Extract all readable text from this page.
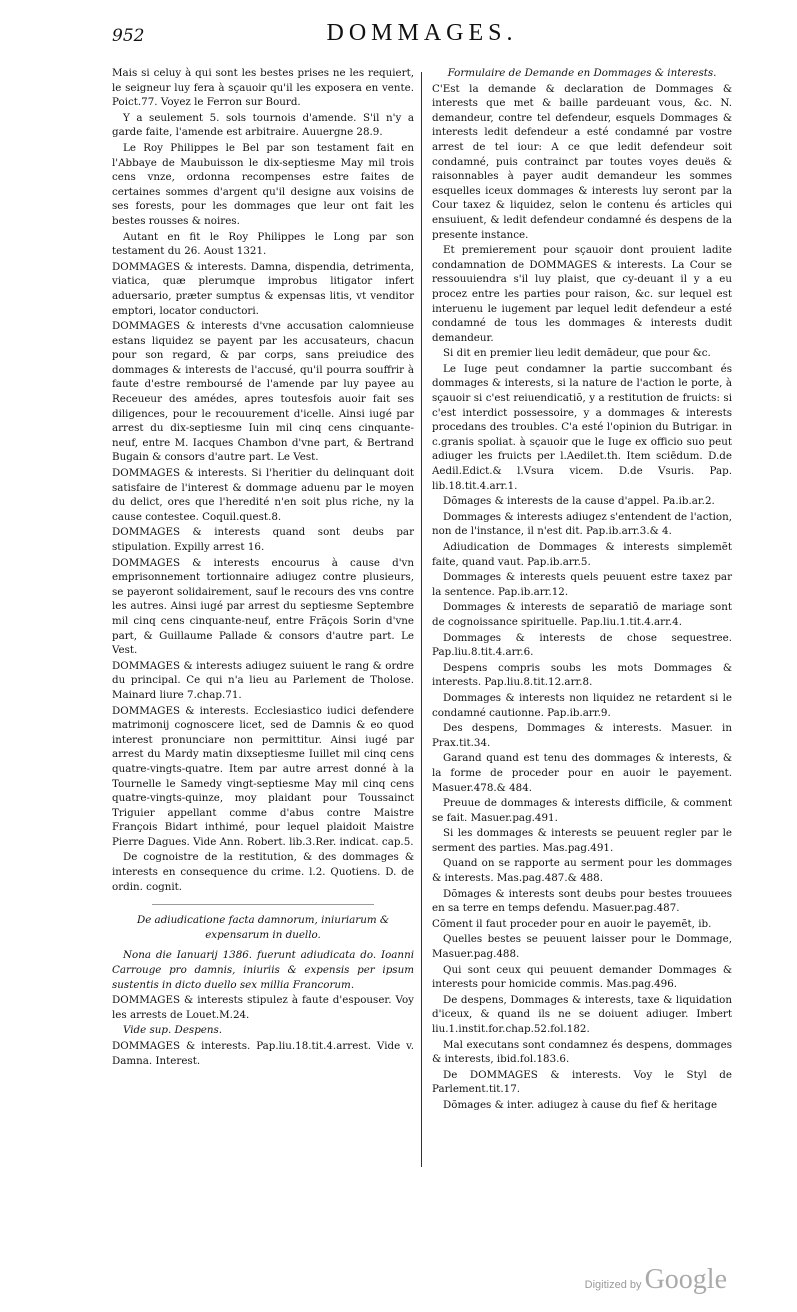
952	DOMMAGES.

Mais si celuy à qui sont les bestes prises ne les requiert, le seigneur luy fera à sçauoir qu'il les exposera en vente. Poict.77. Voyez le Ferron sur Bourd.

Y a seulement 5. sols tournois d'amende. S'il n'y a garde faite, l'amende est arbitraire. Auuergne 28.9.

Le Roy Philippes le Bel par son testament fait en l'Abbaye de Maubuisson le dix-septiesme May mil trois cens vnze, ordonna recompenses estre faites de certaines sommes d'argent qu'il designe aux voisins de ses forests, pour les dommages que leur ont fait les bestes rousses & noires.

Autant en fit le Roy Philippes le Long par son testament du 26. Aoust 1321.

DOMMAGES & interests. Damna, dispendia, detrimenta, viatica, quæ plerumque improbus litigator infert aduersario, præter sumptus & expensas litis, vt venditor emptori, locator conductori.

DOMMAGES & interests d'vne accusation calomnieuse estans liquidez se payent par les accusateurs, chacun pour son regard, & par corps, sans preiudice des dommages & interests de l'accusé, qu'il pourra souffrir à faute d'estre remboursé de l'amende par luy payee au Receueur des amédes, apres toutesfois auoir fait ses diligences, pour le recouurement d'icelle. Ainsi iugé par arrest du dix-septiesme Iuin mil cinq cens cinquante-neuf, entre M. Iacques Chambon d'vne part, & Bertrand Bugain & consors d'autre part. Le Vest.

DOMMAGES & interests. Si l'heritier du delinquant doit satisfaire de l'interest & dommage aduenu par le moyen du delict, ores que l'heredité n'en soit plus riche, ny la cause contestee. Coquil.quest.8.

DOMMAGES & interests quand sont deubs par stipulation. Expilly arrest 16.

DOMMAGES & interests encourus à cause d'vn emprisonnement tortionnaire adiugez contre plusieurs, se payeront solidairement, sauf le recours des vns contre les autres. Ainsi iugé par arrest du septiesme Septembre mil cinq cens cinquante-neuf, entre Frãçois Sorin d'vne part, & Guillaume Pallade & consors d'autre part. Le Vest.

DOMMAGES & interests adiugez suiuent le rang & ordre du principal. Ce qui n'a lieu au Parlement de Tholose. Mainard liure 7.chap.71.

DOMMAGES & interests. Ecclesiastico iudici defendere matrimonij cognoscere licet, sed de Damnis & eo quod interest pronunciare non permittitur. Ainsi iugé par arrest du Mardy matin dixseptiesme Iuillet mil cinq cens quatre-vingts-quatre. Item par autre arrest donné à la Tournelle le Samedy vingt-septiesme May mil cinq cens quatre-vingts-quinze, moy plaidant pour Toussainct Triguier appellant comme d'abus contre Maistre François Bidart inthimé, pour lequel plaidoit Maistre Pierre Dagues. Vide Ann. Robert. lib.3.Rer. indicat. cap.5.

De cognoistre de la restitution, & des dommages & interests en consequence du crime. l.2. Quotiens. D. de ordin. cognit.

De adiudicatione facta damnorum, iniuriarum & expensarum in duello.

Nona die Ianuarij 1386. fuerunt adiudicata do. Ioanni Carrouge pro damnis, iniuriis & expensis per ipsum sustentis in dicto duello sex millia Francorum.

DOMMAGES & interests stipulez à faute d'espouser. Voy les arrests de Louet.M.24.

Vide sup. Despens.

DOMMAGES & interests. Pap.liu.18.tit.4.arrest. Vide v. Damna. Interest.

Formulaire de Demande en Dommages & interests.

C'Est la demande & declaration de Dommages & interests que met & baille pardeuant vous, &c. N. demandeur, contre tel defendeur, esquels Dommages & interests ledit defendeur a esté condamné par vostre arrest de tel iour: A ce que ledit defendeur soit condamné, puis contrainct par toutes voyes deuës & raisonnables à payer audit demandeur les sommes esquelles iceux dommages & interests luy seront par la Cour taxez & liquidez, selon le contenu és articles qui ensuiuent, & ledit defendeur condamné és despens de la presente instance.

Et premierement pour sçauoir dont prouient ladite condamnation de DOMMAGES & interests. La Cour se ressouuiendra s'il luy plaist, que cy-deuant il y a eu procez entre les parties pour raison, &c. sur lequel est interuenu le iugement par lequel ledit defendeur a esté condamné de tous les dommages & interests dudit demandeur.

Si dit en premier lieu ledit demãdeur, que pour &c.

Le Iuge peut condamner la partie succombant és dommages & interests, si la nature de l'action le porte, à sçauoir si c'est reiuendicatiõ, y a restitution de fruicts: si c'est interdict possessoire, y a dommages & interests procedans des troubles. C'a esté l'opinion du Butrigar. in c.granis spoliat. à sçauoir que le Iuge ex officio suo peut adiuger les fruicts per l.Aedilet.th. Item sciēdum. D.de Aedil.Edict.& l.Vsura vicem. D.de Vsuris. Pap. lib.18.tit.4.arr.1.

Dõmages & interests de la cause d'appel. Pa.ib.ar.2.

Dommages & interests adiugez s'entendent de l'action, non de l'instance, il n'est dit. Pap.ib.arr.3.& 4.

Adiudication de Dommages & interests simplemẽt faite, quand vaut. Pap.ib.arr.5.

Dommages & interests quels peuuent estre taxez par la sentence. Pap.ib.arr.12.

Dommages & interests de separatiõ de mariage sont de cognoissance spirituelle. Pap.liu.1.tit.4.arr.4.

Dommages & interests de chose sequestree. Pap.liu.8.tit.4.arr.6.

Despens compris soubs les mots Dommages & interests. Pap.liu.8.tit.12.arr.8.

Dommages & interests non liquidez ne retardent si le condamné cautionne. Pap.ib.arr.9.

Des despens, Dommages & interests. Masuer. in Prax.tit.34.

Garand quand est tenu des dommages & interests, & la forme de proceder pour en auoir le payement. Masuer.478.& 484.

Preuue de dommages & interests difficile, & comment se fait. Masuer.pag.491.

Si les dommages & interests se peuuent regler par le serment des parties. Mas.pag.491.

Quand on se rapporte au serment pour les dommages & interests. Mas.pag.487.& 488.

Dõmages & interests sont deubs pour bestes trouuees en sa terre en temps defendu. Masuer.pag.487.

Cõment il faut proceder pour en auoir le payemẽt, ib.

Quelles bestes se peuuent laisser pour le Dommage, Masuer.pag.488.

Qui sont ceux qui peuuent demander Dommages & interests pour homicide commis. Mas.pag.496.

De despens, Dommages & interests, taxe & liquidation d'iceux, & quand ils ne se doiuent adiuger. Imbert liu.1.instit.for.chap.52.fol.182.

Mal executans sont condamnez és despens, dommages & interests, ibid.fol.183.6.

De DOMMAGES & interests. Voy le Styl de Parlement.tit.17.

Dõmages & inter. adiugez à cause du fief & heritage

Digitized by Google
